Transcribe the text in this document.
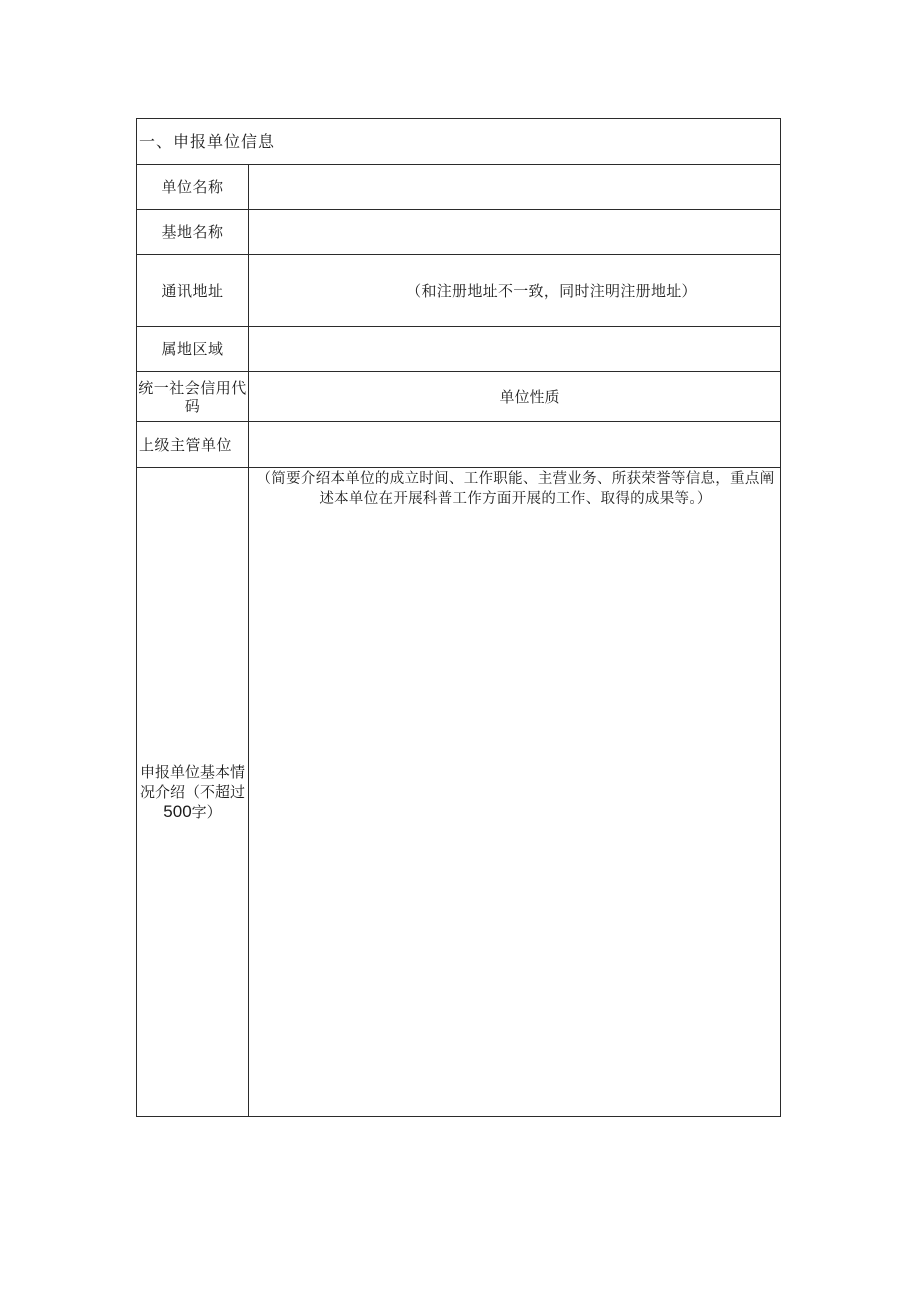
一、申报单位信息	
单位名称	
基地名称	
通讯地址	（和注册地址不一致，同时注明注册地址）
属地区域	
统一社会信用代
码	单位性质
上级主管单位	
申报单位基本情
况介绍（不超过
500字）	（简要介绍本单位的成立时间、工作职能、主营业务、所获荣誉等信息，重点阐述本单位在开展科普工作方面开展的工作、取得的成果等。）
